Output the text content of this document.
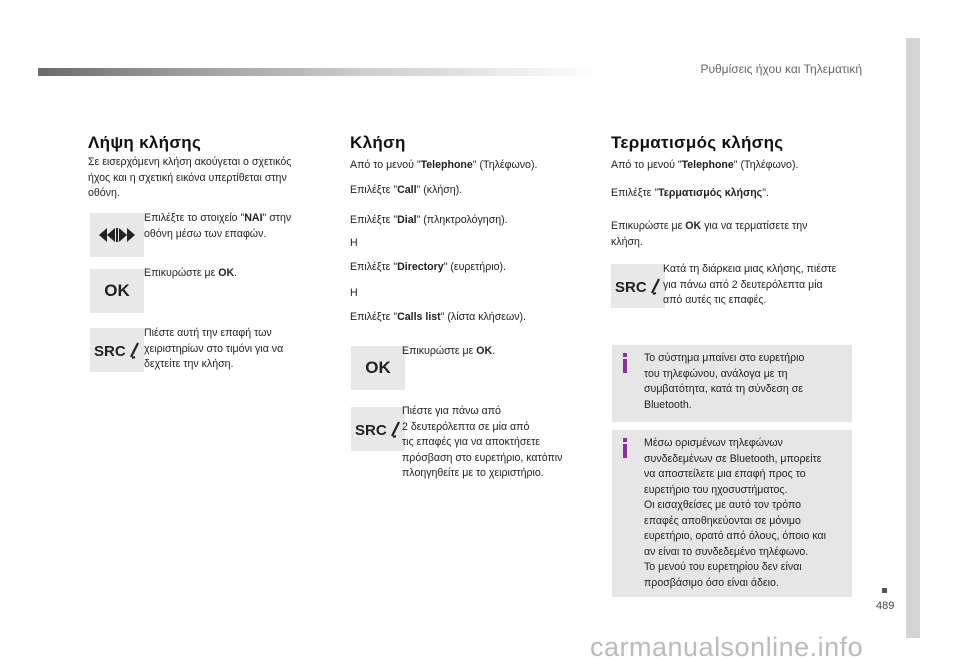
Ρυθμίσεις ήχου και Τηλεματική
489
Λήψη κλήσης

Σε εισερχόμενη κλήση ακούγεται ο σχετικός
ήχος και η σχετική εικόνα υπερτίθεται στην
οθόνη.

Επιλέξτε το στοιχείο "ΝΑΙ" στην
οθόνη μέσω των επαφών.

OK

Επικυρώστε με OK.

SRC

Πιέστε αυτή την επαφή των
χειριστηρίων στο τιμόνι για να
δεχτείτε την κλήση.

Κλήση

Από το μενού "Telephone" (Τηλέφωνο).

Επιλέξτε "Call" (κλήση).

Επιλέξτε "Dial" (πληκτρολόγηση).

Η

Επιλέξτε "Directory" (ευρετήριο).

Η

Επιλέξτε "Calls list" (λίστα κλήσεων).

OK

Επικυρώστε με OK.

SRC

Πιέστε για πάνω από
2 δευτερόλεπτα σε μία από
τις επαφές για να αποκτήσετε
πρόσβαση στο ευρετήριο, κατόπιν
πλοηγηθείτε με το χειριστήριο.

Τερματισμός κλήσης

Από το μενού "Telephone" (Τηλέφωνο).

Επιλέξτε "Τερματισμός κλήσης".

Επικυρώστε με OK για να τερματίσετε την
κλήση.

SRC

Κατά τη διάρκεια μιας κλήσης, πιέστε
για πάνω από 2 δευτερόλεπτα μία
από αυτές τις επαφές.

Το σύστημα μπαίνει στο ευρετήριο
του τηλεφώνου, ανάλογα με τη
συμβατότητα, κατά τη σύνδεση σε
Bluetooth.

Μέσω ορισμένων τηλεφώνων
συνδεδεμένων σε Bluetooth, μπορείτε
να αποστείλετε μια επαφή προς το
ευρετήριο του ηχοσυστήματος.
Οι εισαχθείσες με αυτό τον τρόπο
επαφές αποθηκεύονται σε μόνιμο
ευρετήριο, ορατό από όλους, όποιο και
αν είναι το συνδεδεμένο τηλέφωνο.
Το μενού του ευρετηρίου δεν είναι
προσβάσιμο όσο είναι άδειο.

carmanualsonline.info
